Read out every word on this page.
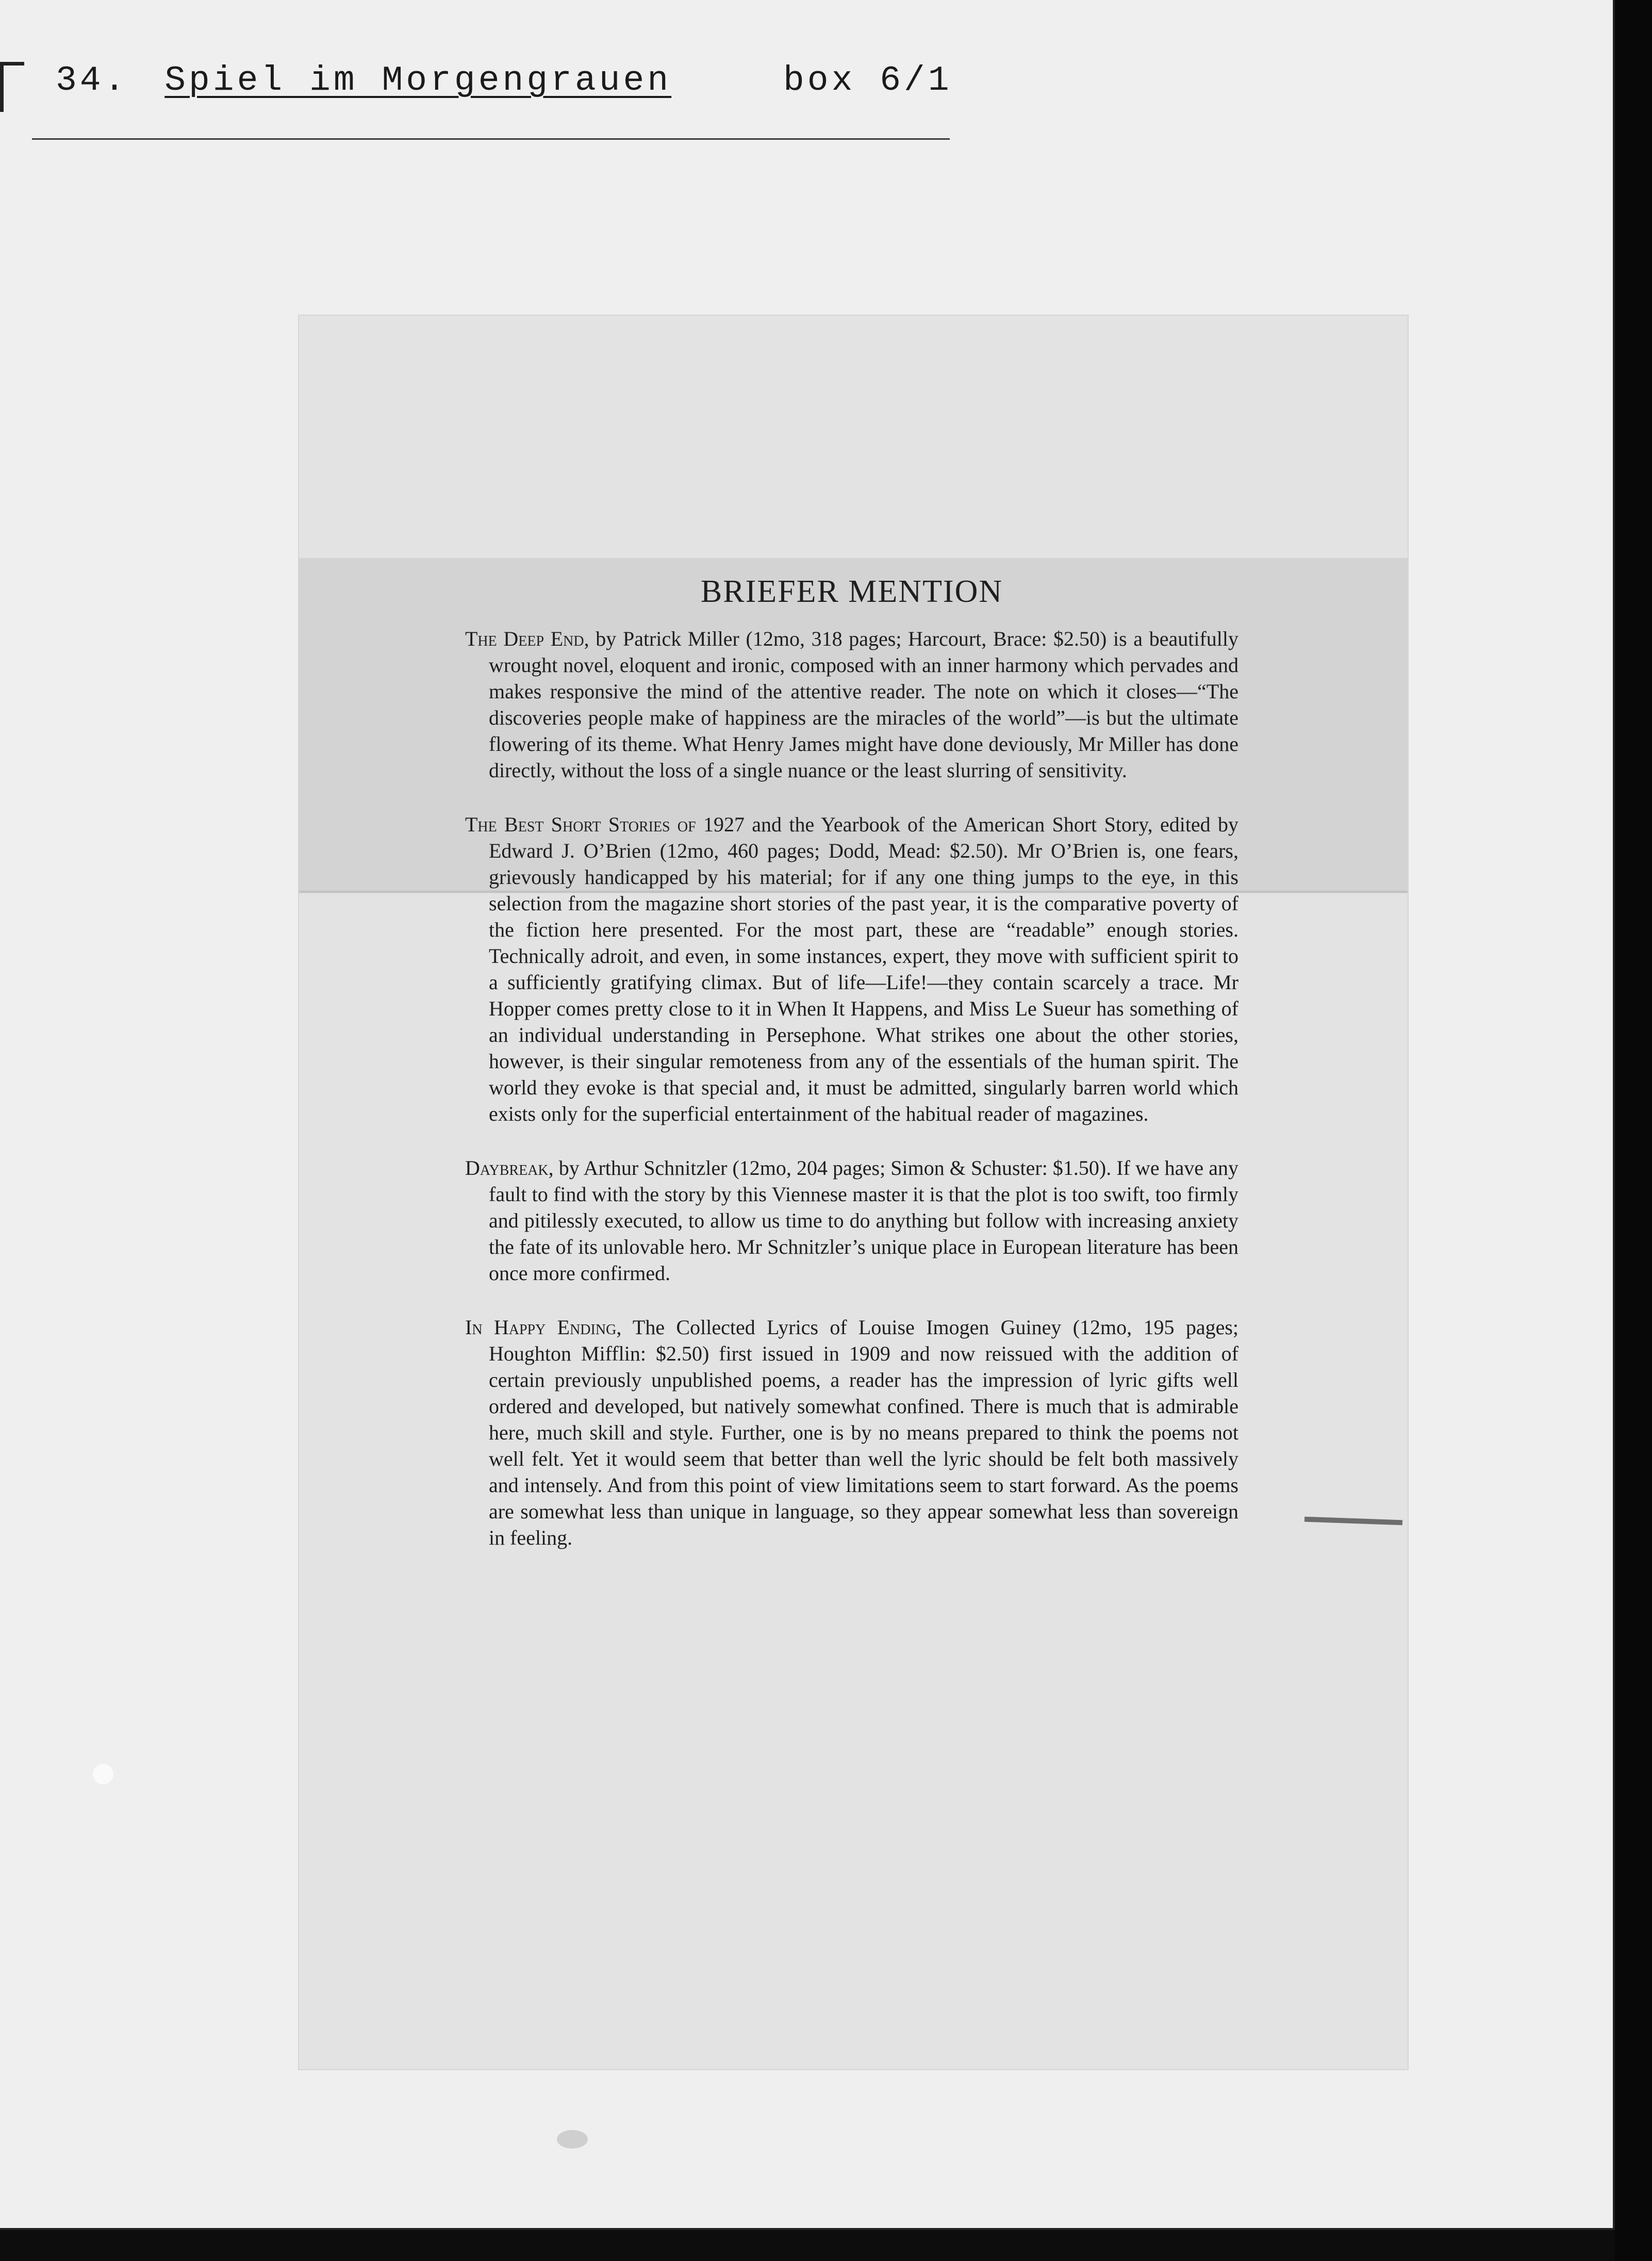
34. Spiel im Morgengrauen	box 6/1
BRIEFER MENTION

The Deep End, by Patrick Miller (12mo, 318 pages; Harcourt, Brace: $2.50) is a beautifully wrought novel, eloquent and ironic, composed with an inner harmony which pervades and makes responsive the mind of the attentive reader. The note on which it closes—“The discoveries people make of happiness are the miracles of the world”—is but the ultimate flowering of its theme. What Henry James might have done deviously, Mr Miller has done directly, without the loss of a single nuance or the least slurring of sensitivity.

The Best Short Stories of 1927 and the Yearbook of the American Short Story, edited by Edward J. O’Brien (12mo, 460 pages; Dodd, Mead: $2.50). Mr O’Brien is, one fears, grievously handicapped by his material; for if any one thing jumps to the eye, in this selection from the magazine short stories of the past year, it is the comparative poverty of the fiction here presented. For the most part, these are “readable” enough stories. Technically adroit, and even, in some instances, expert, they move with sufficient spirit to a sufficiently gratifying climax. But of life—Life!—they contain scarcely a trace. Mr Hopper comes pretty close to it in When It Happens, and Miss Le Sueur has something of an individual understanding in Persephone. What strikes one about the other stories, however, is their singular remoteness from any of the essentials of the human spirit. The world they evoke is that special and, it must be admitted, singularly barren world which exists only for the superficial entertainment of the habitual reader of magazines.

Daybreak, by Arthur Schnitzler (12mo, 204 pages; Simon & Schuster: $1.50). If we have any fault to find with the story by this Viennese master it is that the plot is too swift, too firmly and pitilessly executed, to allow us time to do anything but follow with increasing anxiety the fate of its unlovable hero. Mr Schnitzler’s unique place in European literature has been once more confirmed.

In Happy Ending, The Collected Lyrics of Louise Imogen Guiney (12mo, 195 pages; Houghton Mifflin: $2.50) first issued in 1909 and now reissued with the addition of certain previously unpublished poems, a reader has the impression of lyric gifts well ordered and developed, but natively somewhat confined. There is much that is admirable here, much skill and style. Further, one is by no means prepared to think the poems not well felt. Yet it would seem that better than well the lyric should be felt both massively and intensely. And from this point of view limitations seem to start forward. As the poems are somewhat less than unique in language, so they appear somewhat less than sovereign in feeling.
